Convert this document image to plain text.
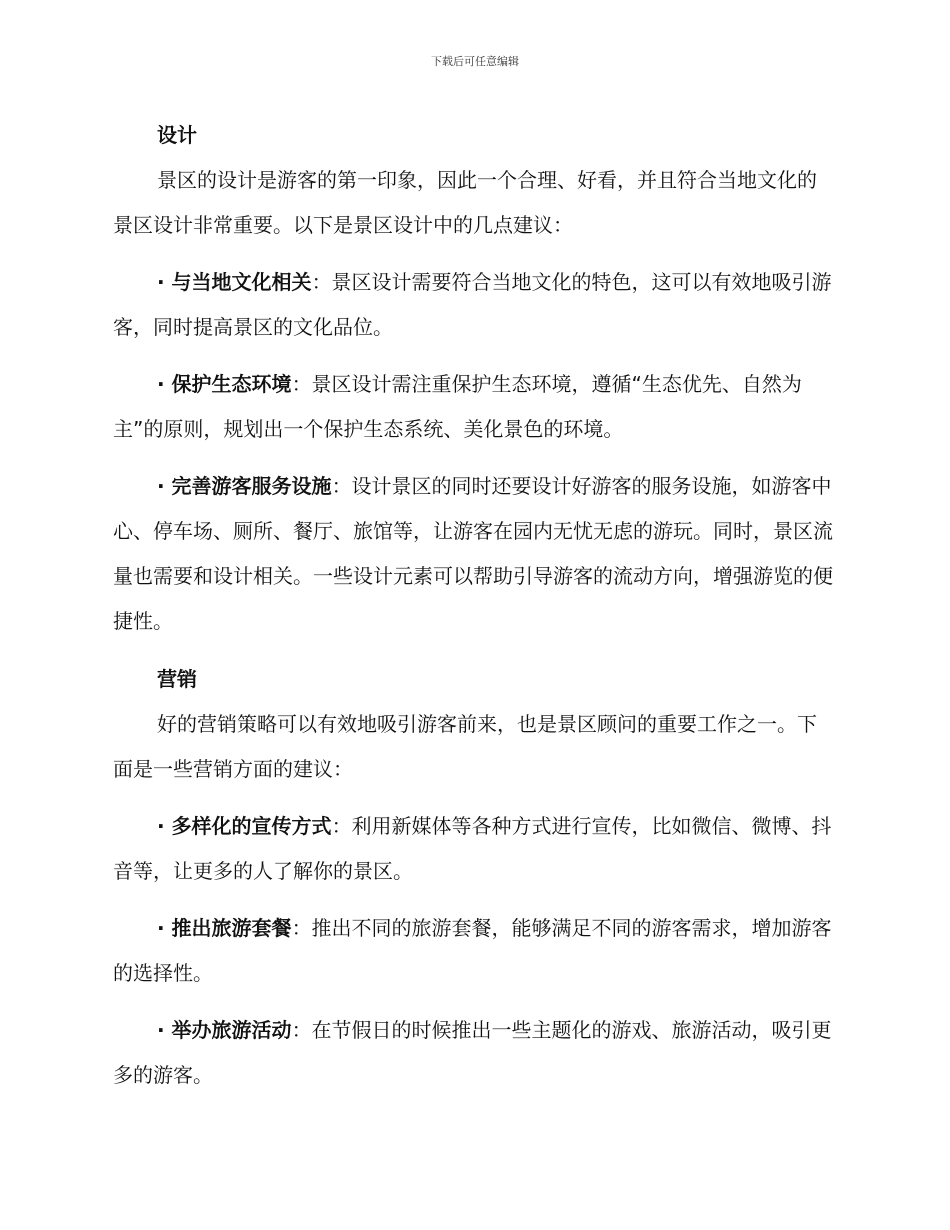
下载后可任意编辑

设计

景区的设计是游客的第一印象，因此一个合理、好看，并且符合当地文化的景区设计非常重要。以下是景区设计中的几点建议：

· 与当地文化相关：景区设计需要符合当地文化的特色，这可以有效地吸引游客，同时提高景区的文化品位。

· 保护生态环境：景区设计需注重保护生态环境，遵循“生态优先、自然为主”的原则，规划出一个保护生态系统、美化景色的环境。

· 完善游客服务设施：设计景区的同时还要设计好游客的服务设施，如游客中心、停车场、厕所、餐厅、旅馆等，让游客在园内无忧无虑的游玩。同时，景区流量也需要和设计相关。一些设计元素可以帮助引导游客的流动方向，增强游览的便捷性。

营销

好的营销策略可以有效地吸引游客前来，也是景区顾问的重要工作之一。下面是一些营销方面的建议：

· 多样化的宣传方式：利用新媒体等各种方式进行宣传，比如微信、微博、抖音等，让更多的人了解你的景区。

· 推出旅游套餐：推出不同的旅游套餐，能够满足不同的游客需求，增加游客的选择性。

· 举办旅游活动：在节假日的时候推出一些主题化的游戏、旅游活动，吸引更多的游客。
